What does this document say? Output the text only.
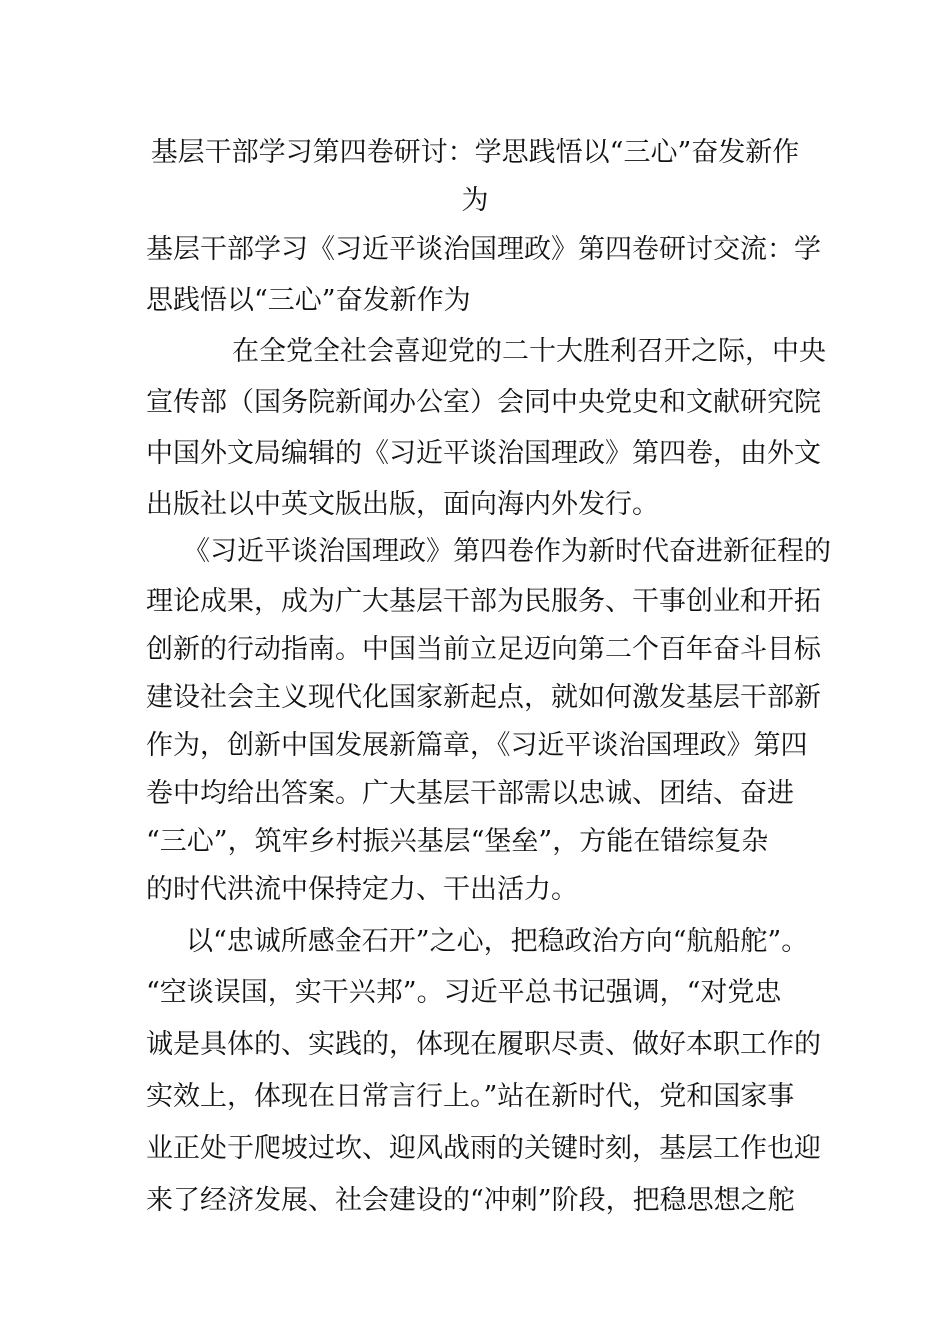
基层干部学习第四卷研讨：学思践悟以“三心”奋发新作
为
基层干部学习《习近平谈治国理政》第四卷研讨交流：学
思践悟以“三心”奋发新作为
在全党全社会喜迎党的二十大胜利召开之际，中央
宣传部（国务院新闻办公室）会同中央党史和文献研究院
中国外文局编辑的《习近平谈治国理政》第四卷，由外文
出版社以中英文版出版，面向海内外发行。
《习近平谈治国理政》第四卷作为新时代奋进新征程的
理论成果，成为广大基层干部为民服务、干事创业和开拓
创新的行动指南。中国当前立足迈向第二个百年奋斗目标
建设社会主义现代化国家新起点，就如何激发基层干部新
作为，创新中国发展新篇章，《习近平谈治国理政》第四
卷中均给出答案。广大基层干部需以忠诚、团结、奋进
“三心”，筑牢乡村振兴基层“堡垒”，方能在错综复杂
的时代洪流中保持定力、干出活力。
以“忠诚所感金石开”之心，把稳政治方向“航船舵”。
“空谈误国，实干兴邦”。习近平总书记强调，“对党忠
诚是具体的、实践的，体现在履职尽责、做好本职工作的
实效上，体现在日常言行上。”站在新时代，党和国家事
业正处于爬坡过坎、迎风战雨的关键时刻，基层工作也迎
来了经济发展、社会建设的“冲刺”阶段，把稳思想之舵
